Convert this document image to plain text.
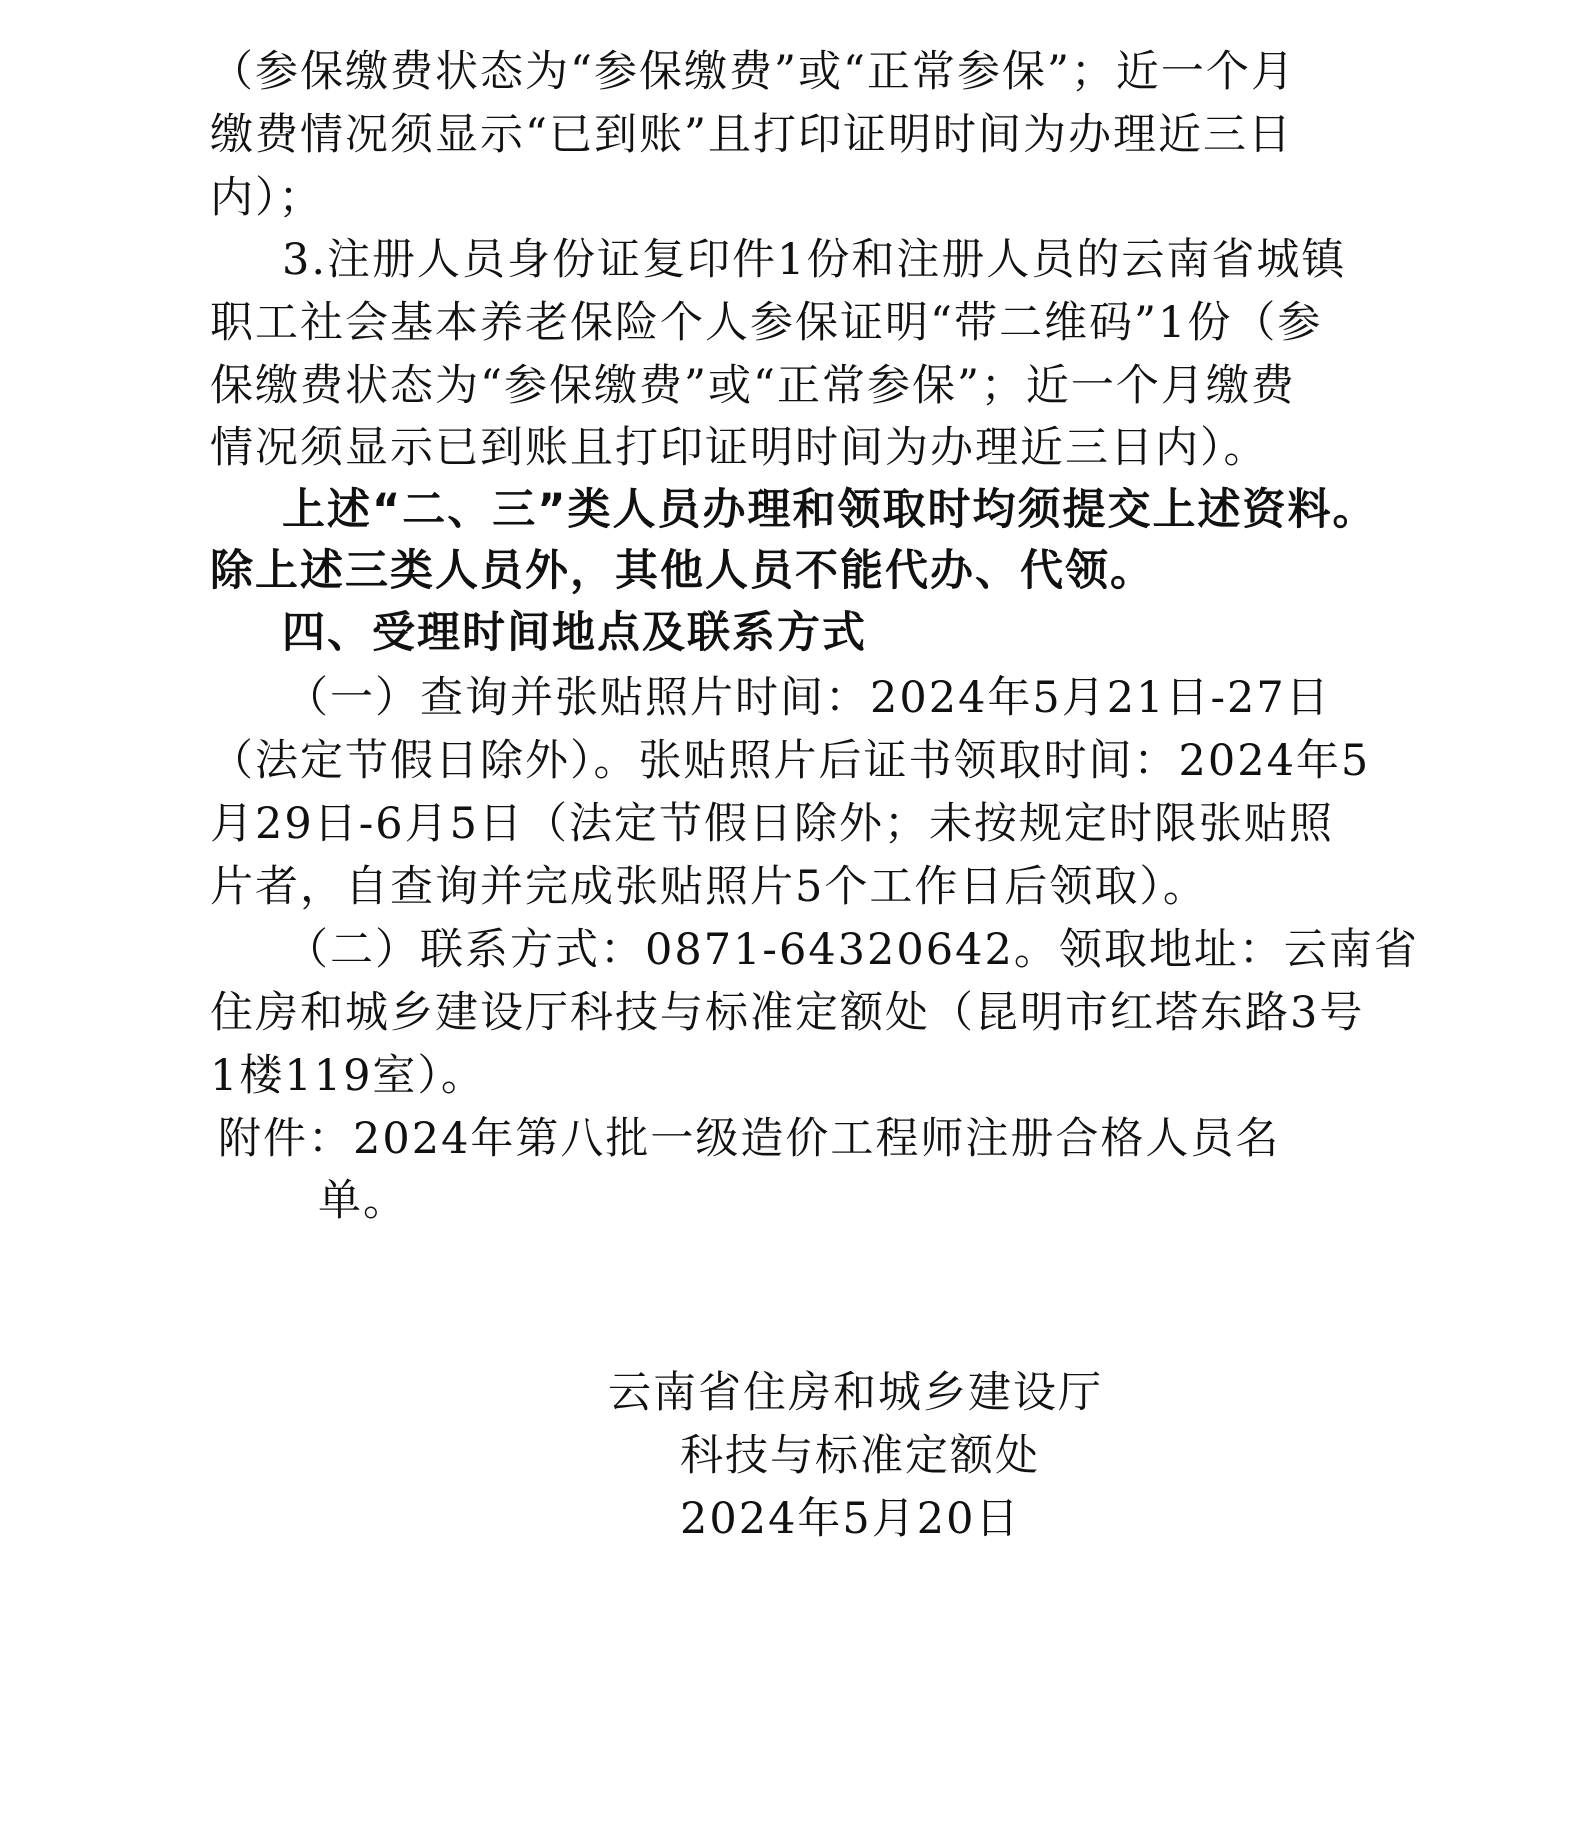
（参保缴费状态为“参保缴费”或“正常参保”；近一个月
缴费情况须显示“已到账”且打印证明时间为办理近三日
内）；
3.注册人员身份证复印件1份和注册人员的云南省城镇
职工社会基本养老保险个人参保证明“带二维码”1份（参
保缴费状态为“参保缴费”或“正常参保”；近一个月缴费
情况须显示已到账且打印证明时间为办理近三日内）。
上述“二、三”类人员办理和领取时均须提交上述资料。
除上述三类人员外，其他人员不能代办、代领。
四、受理时间地点及联系方式
（一）查询并张贴照片时间：2024年5月21日-27日
（法定节假日除外）。张贴照片后证书领取时间：2024年5
月29日-6月5日（法定节假日除外；未按规定时限张贴照
片者，自查询并完成张贴照片5个工作日后领取）。
（二）联系方式：0871-64320642。领取地址：云南省
住房和城乡建设厅科技与标准定额处（昆明市红塔东路3号
1楼119室）。
附件：2024年第八批一级造价工程师注册合格人员名
单。
云南省住房和城乡建设厅
科技与标准定额处
2024年5月20日
